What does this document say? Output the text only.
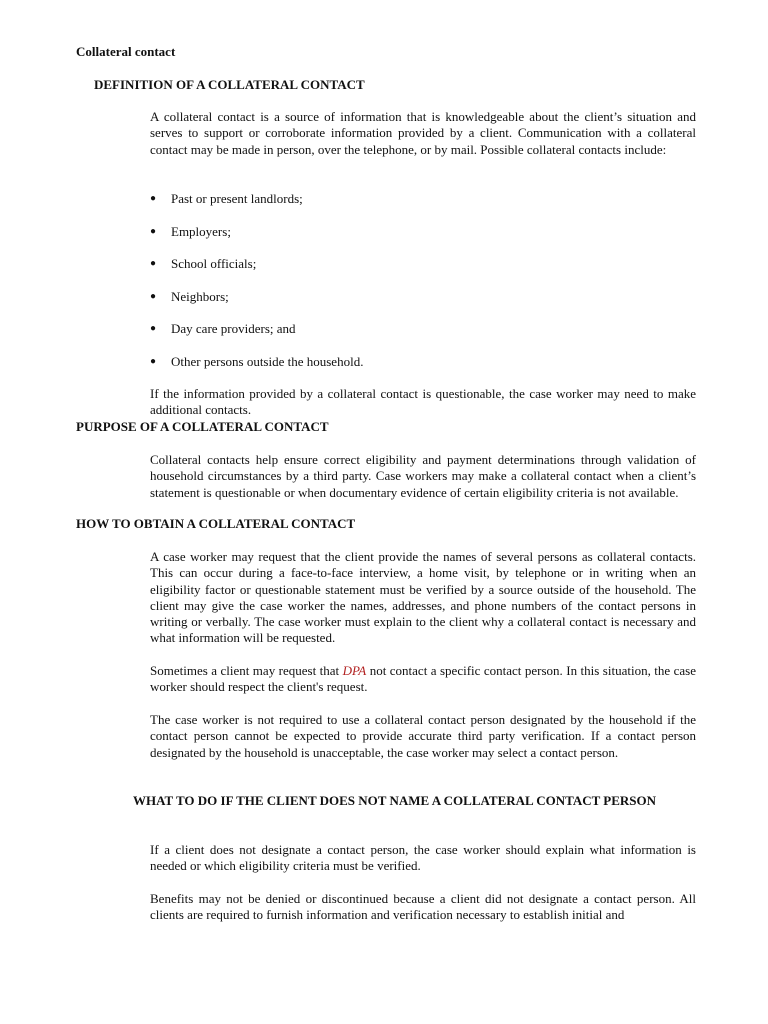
Collateral contact
DEFINITION OF A COLLATERAL CONTACT
A collateral contact is a source of information that is knowledgeable about the client’s situation and serves to support or corroborate information provided by a client. Communication with a collateral contact may be made in person, over the telephone, or by mail. Possible collateral contacts include:
● Past or present landlords;
● Employers;
● School officials;
● Neighbors;
● Day care providers; and
● Other persons outside the household.
If the information provided by a collateral contact is questionable, the case worker may need to make additional contacts.
PURPOSE OF A COLLATERAL CONTACT
Collateral contacts help ensure correct eligibility and payment determinations through validation of household circumstances by a third party. Case workers may make a collateral contact when a client’s statement is questionable or when documentary evidence of certain eligibility criteria is not available.
HOW TO OBTAIN A COLLATERAL CONTACT
A case worker may request that the client provide the names of several persons as collateral contacts. This can occur during a face-to-face interview, a home visit, by telephone or in writing when an eligibility factor or questionable statement must be verified by a source outside of the household. The client may give the case worker the names, addresses, and phone numbers of the contact persons in writing or verbally. The case worker must explain to the client why a collateral contact is necessary and what information will be requested.
Sometimes a client may request that DPA not contact a specific contact person. In this situation, the case worker should respect the client's request.
The case worker is not required to use a collateral contact person designated by the household if the contact person cannot be expected to provide accurate third party verification. If a contact person designated by the household is unacceptable, the case worker may select a contact person.
WHAT TO DO IF THE CLIENT DOES NOT NAME A COLLATERAL CONTACT PERSON
If a client does not designate a contact person, the case worker should explain what information is needed or which eligibility criteria must be verified.
Benefits may not be denied or discontinued because a client did not designate a contact person. All clients are required to furnish information and verification necessary to establish initial and
